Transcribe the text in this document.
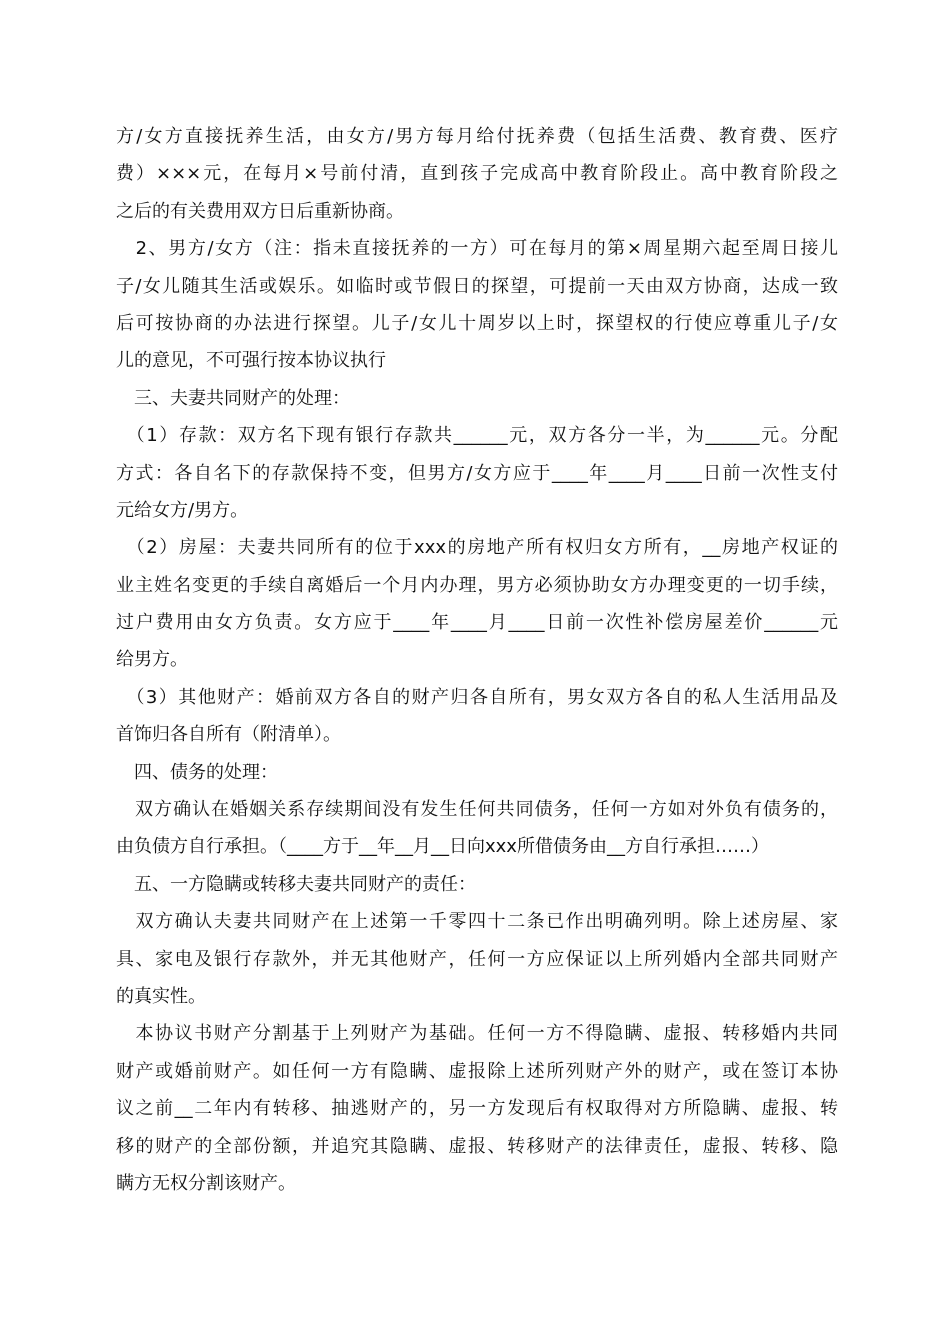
方/女方直接抚养生活，由女方/男方每月给付抚养费（包括生活费、教育费、医疗
费）×××元，在每月×号前付清，直到孩子完成高中教育阶段止。高中教育阶段之
之后的有关费用双方日后重新协商。
　2、男方/女方（注：指未直接抚养的一方）可在每月的第×周星期六起至周日接儿
子/女儿随其生活或娱乐。如临时或节假日的探望，可提前一天由双方协商，达成一致
后可按协商的办法进行探望。儿子/女儿十周岁以上时，探望权的行使应尊重儿子/女
儿的意见，不可强行按本协议执行
　三、夫妻共同财产的处理：
　（1）存款：双方名下现有银行存款共______元，双方各分一半，为______元。分配
方式：各自名下的存款保持不变，但男方/女方应于____年____月____日前一次性支付
元给女方/男方。
　（2）房屋：夫妻共同所有的位于xxx的房地产所有权归女方所有，__房地产权证的
业主姓名变更的手续自离婚后一个月内办理，男方必须协助女方办理变更的一切手续，
过户费用由女方负责。女方应于____年____月____日前一次性补偿房屋差价______元
给男方。
　（3）其他财产：婚前双方各自的财产归各自所有，男女双方各自的私人生活用品及
首饰归各自所有（附清单）。
　四、债务的处理：
　双方确认在婚姻关系存续期间没有发生任何共同债务，任何一方如对外负有债务的，
由负债方自行承担。（____方于__年__月__日向xxx所借债务由__方自行承担……）
　五、一方隐瞒或转移夫妻共同财产的责任：
　双方确认夫妻共同财产在上述第一千零四十二条已作出明确列明。除上述房屋、家
具、家电及银行存款外，并无其他财产，任何一方应保证以上所列婚内全部共同财产
的真实性。
　本协议书财产分割基于上列财产为基础。任何一方不得隐瞒、虚报、转移婚内共同
财产或婚前财产。如任何一方有隐瞒、虚报除上述所列财产外的财产，或在签订本协
议之前__二年内有转移、抽逃财产的，另一方发现后有权取得对方所隐瞒、虚报、转
移的财产的全部份额，并追究其隐瞒、虚报、转移财产的法律责任，虚报、转移、隐
瞒方无权分割该财产。
